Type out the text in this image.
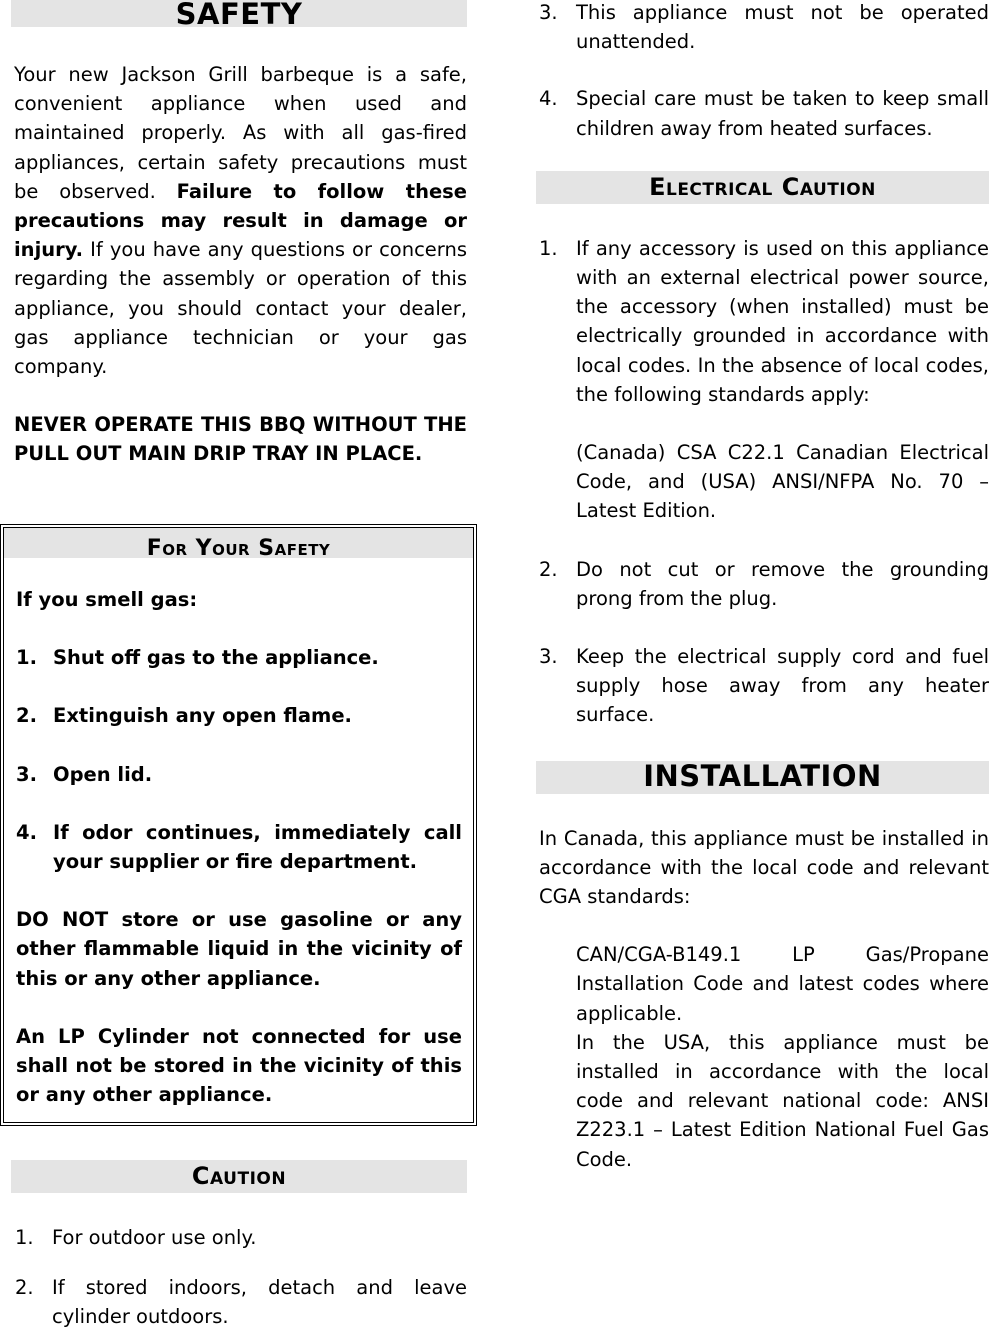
SAFETY

Your new Jackson Grill barbeque is a safe, convenient appliance when used and maintained properly. As with all gas-fired appliances, certain safety precautions must be observed. Failure to follow these precautions may result in damage or injury. If you have any questions or concerns regarding the assembly or operation of this appliance, you should contact your dealer, gas appliance technician or your gas company.

NEVER OPERATE THIS BBQ WITHOUT THE PULL OUT MAIN DRIP TRAY IN PLACE.

For Your Safety

If you smell gas:

1. Shut off gas to the appliance.
2. Extinguish any open flame.
3. Open lid.
4. If odor continues, immediately call your supplier or fire department.

DO NOT store or use gasoline or any other flammable liquid in the vicinity of this or any other appliance.

An LP Cylinder not connected for use shall not be stored in the vicinity of this or any other appliance.

Caution
1. For outdoor use only.
2. If stored indoors, detach and leave cylinder outdoors.
3. This appliance must not be operated unattended.
4. Special care must be taken to keep small children away from heated surfaces.
Electrical Caution
1. If any accessory is used on this appliance with an external electrical power source, the accessory (when installed) must be electrically grounded in accordance with local codes. In the absence of local codes, the following standards apply:

(Canada) CSA C22.1 Canadian Electrical Code, and (USA) ANSI/NFPA No. 70 – Latest Edition.

2. Do not cut or remove the grounding prong from the plug.
3. Keep the electrical supply cord and fuel supply hose away from any heater surface.
INSTALLATION

In Canada, this appliance must be installed in accordance with the local code and relevant CGA standards:

CAN/CGA-B149.1 LP Gas/Propane Installation Code and latest codes where applicable.

In the USA, this appliance must be installed in accordance with the local code and relevant national code: ANSI Z223.1 – Latest Edition National Fuel Gas Code.
